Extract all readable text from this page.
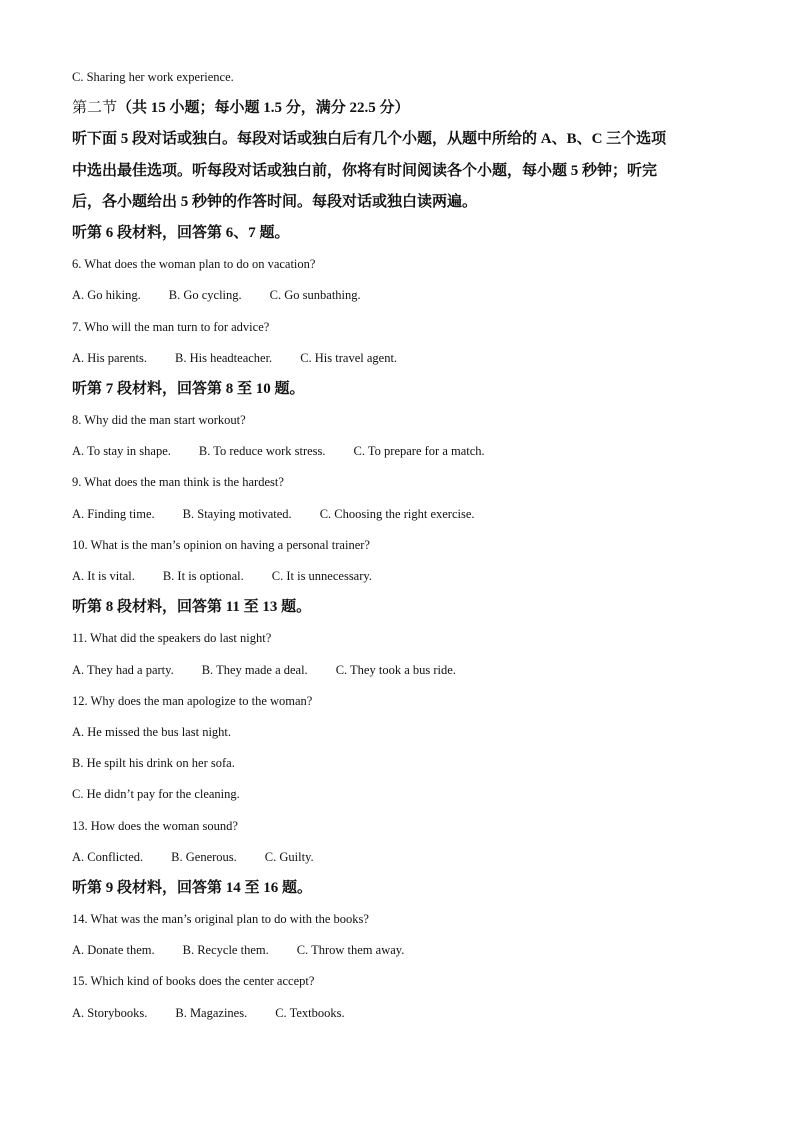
C. Sharing her work experience.
第二节（共 15 小题；每小题 1.5 分，满分 22.5 分）
听下面 5 段对话或独白。每段对话或独白后有几个小题，从题中所给的 A、B、C 三个选项
中选出最佳选项。听每段对话或独白前，你将有时间阅读各个小题，每小题 5 秒钟；听完
后，各小题给出 5 秒钟的作答时间。每段对话或独白读两遍。
听第 6 段材料，回答第 6、7 题。
6. What does the woman plan to do on vacation?
A. Go hiking. B. Go cycling. C. Go sunbathing.
7. Who will the man turn to for advice?
A. His parents. B. His headteacher. C. His travel agent.
听第 7 段材料，回答第 8 至 10 题。
8. Why did the man start workout?
A. To stay in shape. B. To reduce work stress. C. To prepare for a match.
9. What does the man think is the hardest?
A. Finding time. B. Staying motivated. C. Choosing the right exercise.
10. What is the man’s opinion on having a personal trainer?
A. It is vital. B. It is optional. C. It is unnecessary.
听第 8 段材料，回答第 11 至 13 题。
11. What did the speakers do last night?
A. They had a party. B. They made a deal. C. They took a bus ride.
12. Why does the man apologize to the woman?
A. He missed the bus last night.
B. He spilt his drink on her sofa.
C. He didn’t pay for the cleaning.
13. How does the woman sound?
A. Conflicted. B. Generous. C. Guilty.
听第 9 段材料，回答第 14 至 16 题。
14. What was the man’s original plan to do with the books?
A. Donate them. B. Recycle them. C. Throw them away.
15. Which kind of books does the center accept?
A. Storybooks. B. Magazines. C. Textbooks.
